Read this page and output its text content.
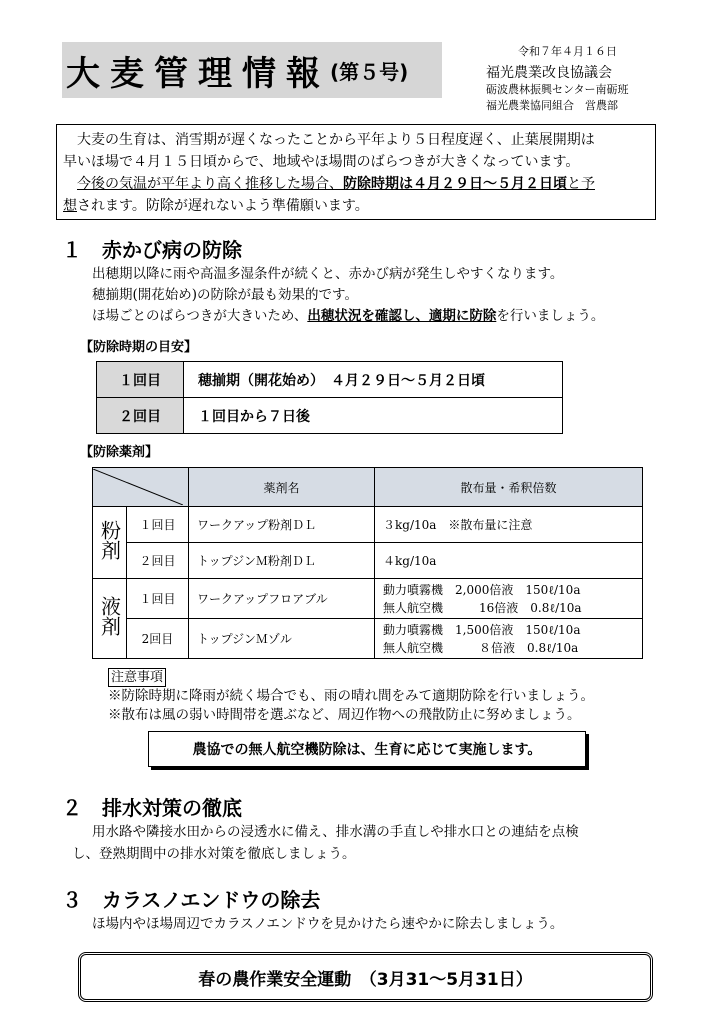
大麦管理情報 (第５号)
令和７年４月１６日
福光農業改良協議会
砺波農林振興センター南砺班
福光農業協同組合　営農部
　大麦の生育は、消雪期が遅くなったことから平年より５日程度遅く、止葉展開期は
早いほ場で４月１５日頃からで、地域やほ場間のばらつきが大きくなっています。
　今後の気温が平年より高く推移した場合、防除時期は４月２９日～５月２日頃と予
想されます。防除が遅れないよう準備願います。
１　赤かび病の防除
出穂期以降に雨や高温多湿条件が続くと、赤かび病が発生しやすくなります。
穂揃期(開花始め)の防除が最も効果的です。
ほ場ごとのばらつきが大きいため、出穂状況を確認し、適期に防除を行いましょう。
【防除時期の目安】
１回目	穂揃期（開花始め）　４月２９日～５月２日頃
２回目	１回目から７日後
【防除薬剤】
	薬剤名	散布量・希釈倍数
粉剤	１回目	ワークアップ粉剤ＤＬ	３kg/10a　※散布量に注意
	２回目	トップジンＭ粉剤ＤＬ	４kg/10a
液剤	１回目	ワークアップフロアブル	動力噴霧機　2,000倍液　150ℓ/10a
無人航空機　　　16倍液　0.8ℓ/10a

	2回目	トップジンＭゾル	動力噴霧機　1,500倍液　150ℓ/10a
無人航空機　　　８倍液　0.8ℓ/10a
注意事項
※防除時期に降雨が続く場合でも、雨の晴れ間をみて適期防除を行いましょう。
※散布は風の弱い時間帯を選ぶなど、周辺作物への飛散防止に努めましょう。
農協での無人航空機防除は、生育に応じて実施します。
２　排水対策の徹底
用水路や隣接水田からの浸透水に備え、排水溝の手直しや排水口との連結を点検
し、登熟期間中の排水対策を徹底しましょう。
３　カラスノエンドウの除去
ほ場内やほ場周辺でカラスノエンドウを見かけたら速やかに除去しましょう。
春の農作業安全運動　（3月31～5月31日）
